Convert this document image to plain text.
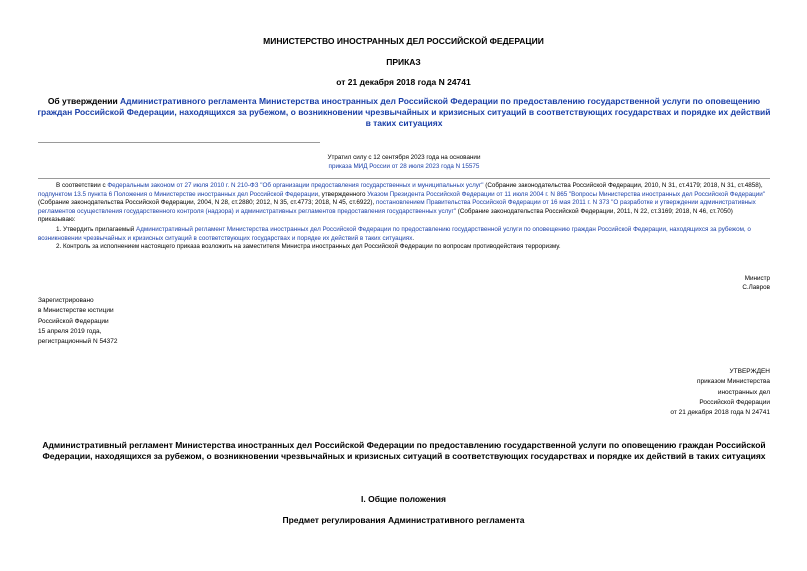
МИНИСТЕРСТВО ИНОСТРАННЫХ ДЕЛ РОССИЙСКОЙ ФЕДЕРАЦИИ
ПРИКАЗ
от 21 декабря 2018 года N 24741
Об утверждении Административного регламента Министерства иностранных дел Российской Федерации по предоставлению государственной услуги по оповещению граждан Российской Федерации, находящихся за рубежом, о возникновении чрезвычайных и кризисных ситуаций в соответствующих государствах и порядке их действий в таких ситуациях
Утратил силу с 12 сентября 2023 года на основании
приказа МИД России от 28 июля 2023 года N 15575
В соответствии с Федеральным законом от 27 июля 2010 г. N 210-ФЗ "Об организации предоставления государственных и муниципальных услуг" (Собрание законодательства Российской Федерации, 2010, N 31, ст.4179; 2018, N 31, ст.4858), подпунктом 13.5 пункта 6 Положения о Министерстве иностранных дел Российской Федерации, утвержденного Указом Президента Российской Федерации от 11 июля 2004 г. N 865 "Вопросы Министерства иностранных дел Российской Федерации" (Собрание законодательства Российской Федерации, 2004, N 28, ст.2880; 2012, N 35, ст.4773; 2018, N 45, ст.6922), постановлением Правительства Российской Федерации от 16 мая 2011 г. N 373 "О разработке и утверждении административных регламентов осуществления государственного контроля (надзора) и административных регламентов предоставления государственных услуг" (Собрание законодательства Российской Федерации, 2011, N 22, ст.3169; 2018, N 46, ст.7050)
приказываю:
1. Утвердить прилагаемый Административный регламент Министерства иностранных дел Российской Федерации по предоставлению государственной услуги по оповещению граждан Российской Федерации, находящихся за рубежом, о возникновении чрезвычайных и кризисных ситуаций в соответствующих государствах и порядке их действий в таких ситуациях.
2. Контроль за исполнением настоящего приказа возложить на заместителя Министра иностранных дел Российской Федерации по вопросам противодействия терроризму.
Министр
С.Лавров
Зарегистрировано
в Министерстве юстиции
Российской Федерации
15 апреля 2019 года,
регистрационный N 54372
УТВЕРЖДЕН
приказом Министерства
иностранных дел
Российской Федерации
от 21 декабря 2018 года N 24741
Административный регламент Министерства иностранных дел Российской Федерации по предоставлению государственной услуги по оповещению граждан Российской Федерации, находящихся за рубежом, о возникновении чрезвычайных и кризисных ситуаций в соответствующих государствах и порядке их действий в таких ситуациях
I. Общие положения
Предмет регулирования Административного регламента
